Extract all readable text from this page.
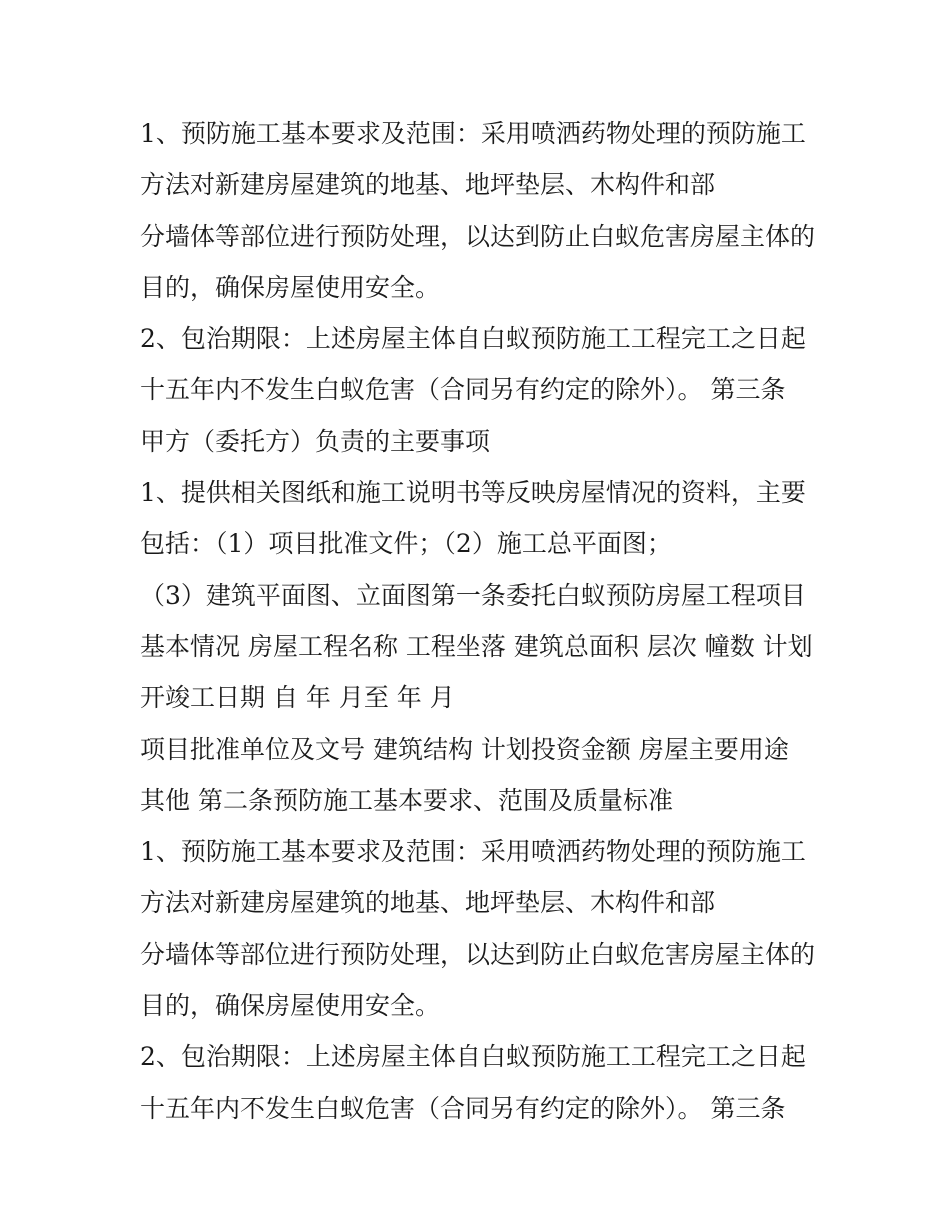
1、预防施工基本要求及范围：采用喷洒药物处理的预防施工
方法对新建房屋建筑的地基、地坪垫层、木构件和部
分墙体等部位进行预防处理，以达到防止白蚁危害房屋主体的
目的，确保房屋使用安全。
2、包治期限：上述房屋主体自白蚁预防施工工程完工之日起
十五年内不发生白蚁危害（合同另有约定的除外）。 第三条
甲方（委托方）负责的主要事项
1、提供相关图纸和施工说明书等反映房屋情况的资料，主要
包括：（1）项目批准文件；（2）施工总平面图；
（3）建筑平面图、立面图第一条委托白蚁预防房屋工程项目
基本情况 房屋工程名称 工程坐落 建筑总面积 层次 幢数 计划
开竣工日期 自 年 月至 年 月
项目批准单位及文号 建筑结构 计划投资金额 房屋主要用途
其他 第二条预防施工基本要求、范围及质量标准
1、预防施工基本要求及范围：采用喷洒药物处理的预防施工
方法对新建房屋建筑的地基、地坪垫层、木构件和部
分墙体等部位进行预防处理，以达到防止白蚁危害房屋主体的
目的，确保房屋使用安全。
2、包治期限：上述房屋主体自白蚁预防施工工程完工之日起
十五年内不发生白蚁危害（合同另有约定的除外）。 第三条
